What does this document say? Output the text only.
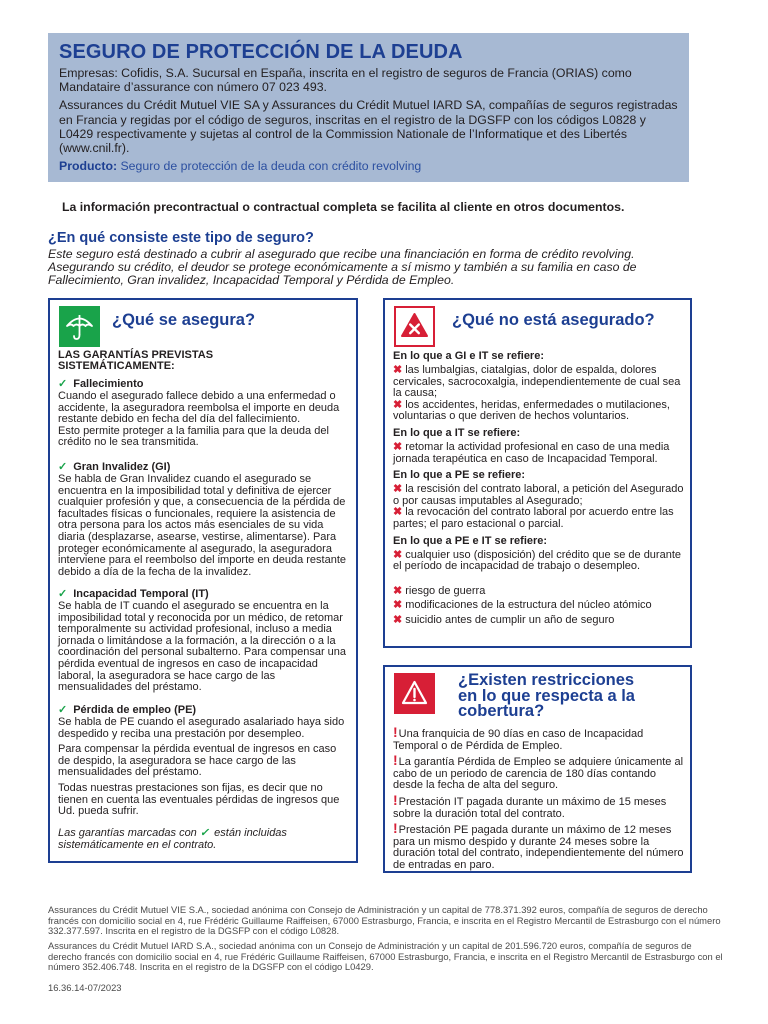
SEGURO DE PROTECCIÓN DE LA DEUDA
Empresas: Cofidis, S.A. Sucursal en España, inscrita en el registro de seguros de Francia (ORIAS) como Mandataire d’assurance con número 07 023 493.
Assurances du Crédit Mutuel VIE SA y Assurances du Crédit Mutuel IARD SA, compañías de seguros registradas en Francia y regidas por el código de seguros, inscritas en el registro de la DGSFP con los códigos L0828 y L0429 respectivamente y sujetas al control de la Commission Nationale de l’Informatique et des Libertés (www.cnil.fr).
Producto: Seguro de protección de la deuda con crédito revolving
La información precontractual o contractual completa se facilita al cliente en otros documentos.
¿En qué consiste este tipo de seguro?
Este seguro está destinado a cubrir al asegurado que recibe una financiación en forma de crédito revolving. Asegurando su crédito, el deudor se protege económicamente a sí mismo y también a su familia en caso de Fallecimiento, Gran invalidez, Incapacidad Temporal y Pérdida de Empleo.
¿Qué se asegura?
LAS GARANTÍAS PREVISTAS SISTEMÁTICAMENTE:
✓ Fallecimiento
Cuando el asegurado fallece debido a una enfermedad o accidente, la aseguradora reembolsa el importe en deuda restante debido en fecha del día del fallecimiento.
Esto permite proteger a la familia para que la deuda del crédito no le sea transmitida.
✓ Gran Invalidez (GI)
Se habla de Gran Invalidez cuando el asegurado se encuentra en la imposibilidad total y definitiva de ejercer cualquier profesión y que, a consecuencia de la pérdida de facultades físicas o funcionales, requiere la asistencia de otra persona para los actos más esenciales de su vida diaria (desplazarse, asearse, vestirse, alimentarse). Para proteger económicamente al asegurado, la aseguradora interviene para el reembolso del importe en deuda restante debido a día de la fecha de la invalidez.
✓ Incapacidad Temporal (IT)
Se habla de IT cuando el asegurado se encuentra en la imposibilidad total y reconocida por un médico, de retomar temporalmente su actividad profesional, incluso a media jornada o limitándose a la formación, a la dirección o a la coordinación del personal subalterno. Para compensar una pérdida eventual de ingresos en caso de incapacidad laboral, la aseguradora se hace cargo de las mensualidades del préstamo.
✓ Pérdida de empleo (PE)
Se habla de PE cuando el asegurado asalariado haya sido despedido y reciba una prestación por desempleo.
Para compensar la pérdida eventual de ingresos en caso de despido, la aseguradora se hace cargo de las mensualidades del préstamo.
Todas nuestras prestaciones son fijas, es decir que no tienen en cuenta las eventuales pérdidas de ingresos que Ud. pueda sufrir.
Las garantías marcadas con ✓ están incluidas sistemáticamente en el contrato.
¿Qué no está asegurado?
En lo que a GI e IT se refiere:
✖ las lumbalgias, ciatalgias, dolor de espalda, dolores cervicales, sacrocoxalgia, independientemente de cual sea la causa;
✖ los accidentes, heridas, enfermedades o mutilaciones, voluntarias o que deriven de hechos voluntarios.
En lo que a IT se refiere:
✖ retomar la actividad profesional en caso de una media jornada terapéutica en caso de Incapacidad Temporal.
En lo que a PE se refiere:
✖ la rescisión del contrato laboral, a petición del Asegurado o por causas imputables al Asegurado;
✖ la revocación del contrato laboral por acuerdo entre las partes; el paro estacional o parcial.
En lo que a PE e IT se refiere:
✖ cualquier uso (disposición) del crédito que se de durante el período de incapacidad de trabajo o desempleo.
✖ riesgo de guerra
✖ modificaciones de la estructura del núcleo atómico
✖ suicidio antes de cumplir un año de seguro
¿Existen restricciones
en lo que respecta a la
cobertura?
!Una franquicia de 90 días en caso de Incapacidad Temporal o de Pérdida de Empleo.
!La garantía Pérdida de Empleo se adquiere únicamente al cabo de un periodo de carencia de 180 días contando desde la fecha de alta del seguro.
!Prestación IT pagada durante un máximo de 15 meses sobre la duración total del contrato.
!Prestación PE pagada durante un máximo de 12 meses para un mismo despido y durante 24 meses sobre la duración total del contrato, independientemente del número de entradas en paro.
Assurances du Crédit Mutuel VIE S.A., sociedad anónima con Consejo de Administración y un capital de 778.371.392 euros, compañía de seguros de derecho francés con domicilio social en 4, rue Frédéric Guillaume Raiffeisen, 67000 Estrasburgo, Francia, e inscrita en el Registro Mercantil de Estrasburgo con el número 332.377.597. Inscrita en el registro de la DGSFP con el código L0828.
Assurances du Crédit Mutuel IARD S.A., sociedad anónima con un Consejo de Administración y un capital de 201.596.720 euros, compañía de seguros de derecho francés con domicilio social en 4, rue Frédéric Guillaume Raiffeisen, 67000 Estrasburgo, Francia, e inscrita en el Registro Mercantil de Estrasburgo con el número 352.406.748. Inscrita en el registro de la DGSFP con el código L0429.
16.36.14-07/2023
